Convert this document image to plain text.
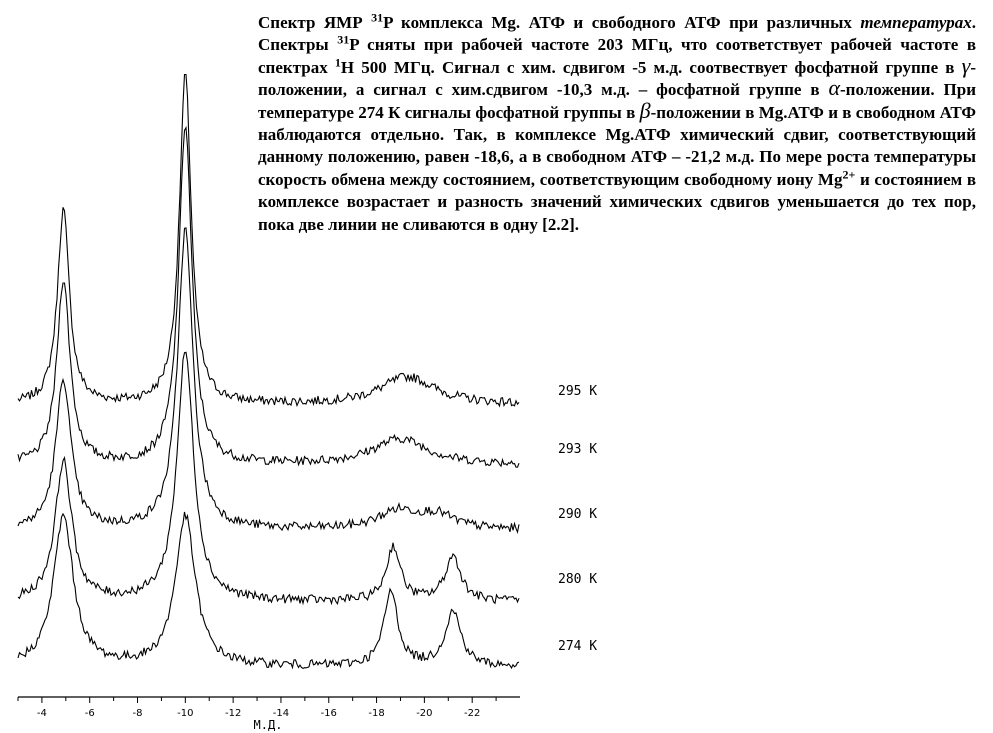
Спектр ЯМР $^{31}$P комплекса Mg. АТФ и свободного АТФ при различных температурах. Спектры $^{31}$P сняты при рабочей частоте 203 МГц, что соответствует рабочей частоте в спектрах $^1$H 500 МГц. Сигнал с хим. сдвигом -5 м.д. соотвествует фосфатной группе в γ-положении, а сигнал с хим.сдвигом -10,3 м.д. – фосфатной группе в α-положении. При температуре 274 К сигналы фосфатной группы в β-положении в Mg.АТФ и в свободном АТФ наблюдаются отдельно. Так, в комплексе Mg.АТФ химический сдвиг, соответствующий данному положению, равен -18,6, а в свободном АТФ – -21,2 м.д. По мере роста температуры скорость обмена между состоянием, соответствующим свободному иону $Mg^{2+}$ и состоянием в комплексе возрастает и разность значений химических сдвигов уменьшается до тех пор, пока две линии не сливаются в одну [2.2].
295 K
293 K
290 K
280 K
274 K
-4	-6	-8	-10	-12	-14	-16	-18	-20	-22
М.Д.
